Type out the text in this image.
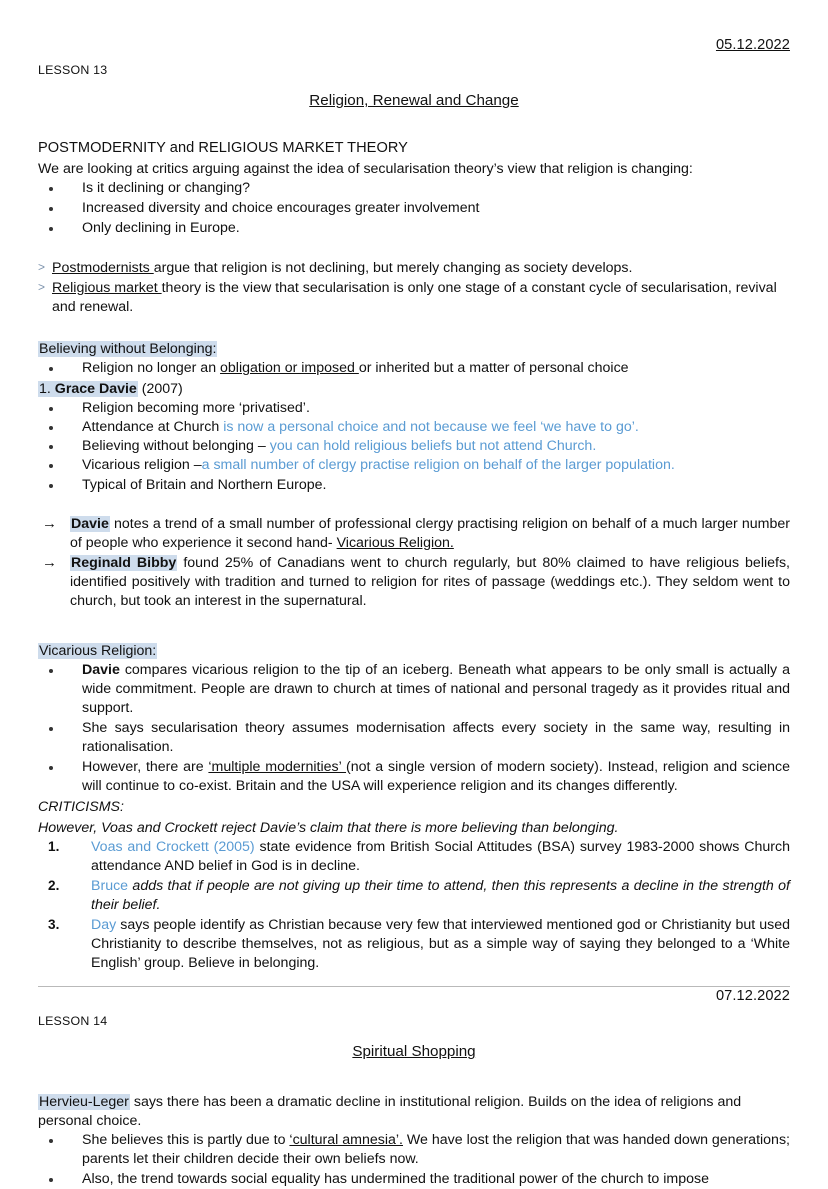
05.12.2022
LESSON 13
Religion, Renewal and Change
POSTMODERNITY and RELIGIOUS MARKET THEORY
We are looking at critics arguing against the idea of secularisation theory’s view that religion is changing:
Is it declining or changing?
Increased diversity and choice encourages greater involvement
Only declining in Europe.
> Postmodernists argue that religion is not declining, but merely changing as society develops.
> Religious market theory is the view that secularisation is only one stage of a constant cycle of secularisation, revival and renewal.
Believing without Belonging:
Religion no longer an obligation or imposed or inherited but a matter of personal choice
1. Grace Davie (2007)
Religion becoming more ‘privatised’.
Attendance at Church is now a personal choice and not because we feel ‘we have to go’.
Believing without belonging – you can hold religious beliefs but not attend Church.
Vicarious religion –a small number of clergy practise religion on behalf of the larger population.
Typical of Britain and Northern Europe.
→ Davie notes a trend of a small number of professional clergy practising religion on behalf of a much larger number of people who experience it second hand- Vicarious Religion.
→ Reginald Bibby found 25% of Canadians went to church regularly, but 80% claimed to have religious beliefs, identified positively with tradition and turned to religion for rites of passage (weddings etc.). They seldom went to church, but took an interest in the supernatural.
Vicarious Religion:
Davie compares vicarious religion to the tip of an iceberg. Beneath what appears to be only small is actually a wide commitment. People are drawn to church at times of national and personal tragedy as it provides ritual and support.
She says secularisation theory assumes modernisation affects every society in the same way, resulting in rationalisation.
However, there are ‘multiple modernities’ (not a single version of modern society). Instead, religion and science will continue to co-exist. Britain and the USA will experience religion and its changes differently.
CRITICISMS:
However, Voas and Crockett reject Davie’s claim that there is more believing than belonging.
Voas and Crockett (2005) state evidence from British Social Attitudes (BSA) survey 1983-2000 shows Church attendance AND belief in God is in decline.
Bruce adds that if people are not giving up their time to attend, then this represents a decline in the strength of their belief.
Day says people identify as Christian because very few that interviewed mentioned god or Christianity but used Christianity to describe themselves, not as religious, but as a simple way of saying they belonged to a ‘White English’ group. Believe in belonging.
07.12.2022
LESSON 14
Spiritual Shopping
Hervieu-Leger says there has been a dramatic decline in institutional religion. Builds on the idea of religions and personal choice.
She believes this is partly due to ‘cultural amnesia’. We have lost the religion that was handed down generations; parents let their children decide their own beliefs now.
Also, the trend towards social equality has undermined the traditional power of the church to impose
